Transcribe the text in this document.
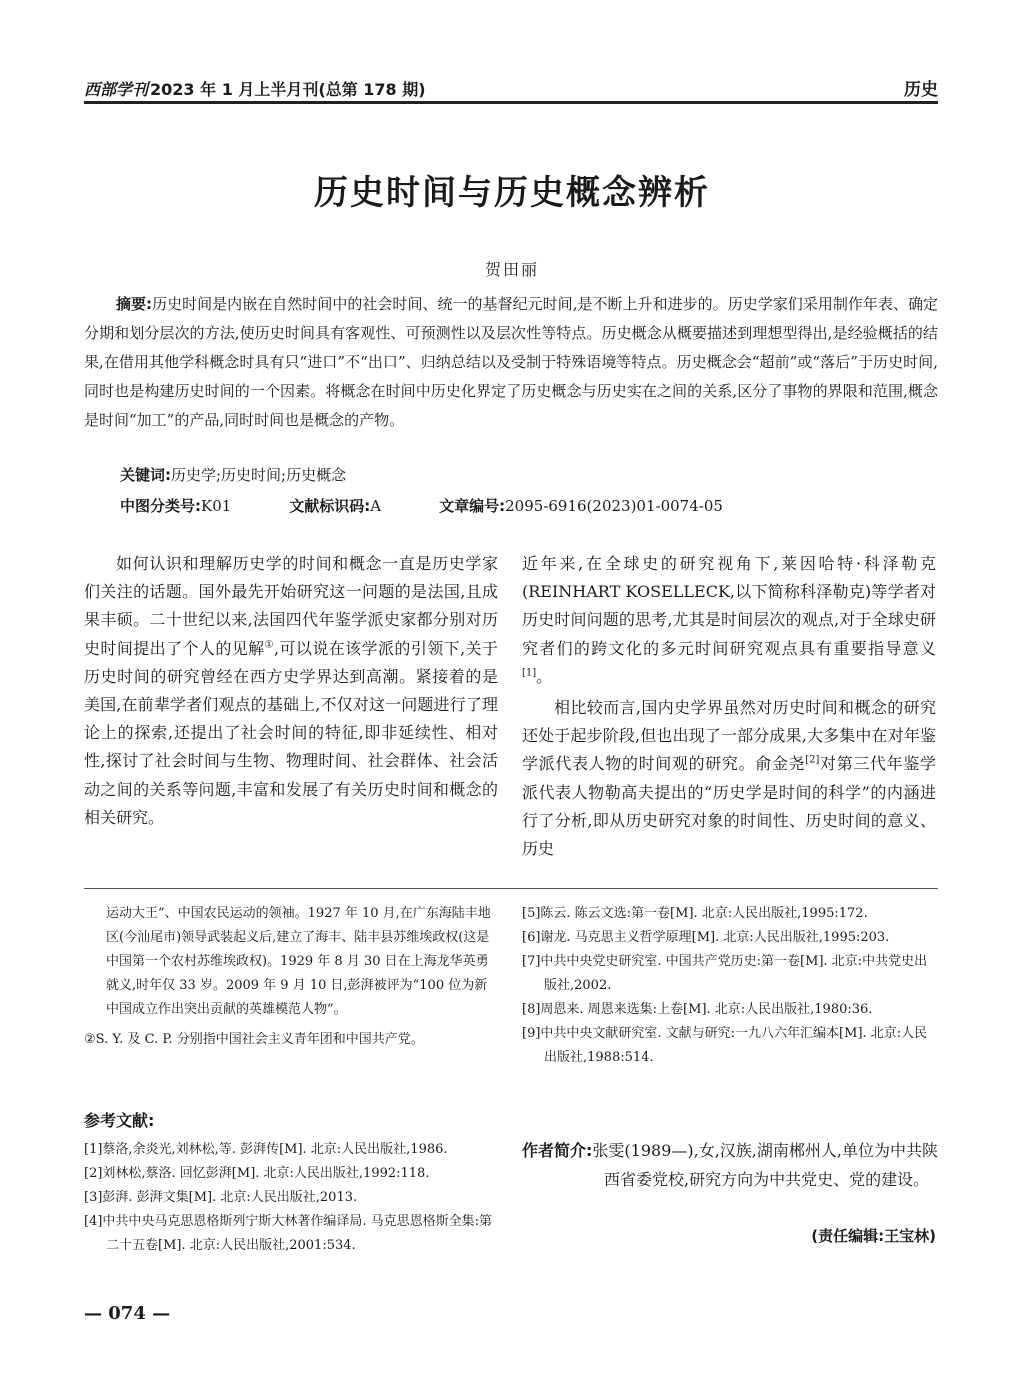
西部学刊 2023 年 1 月上半月刊(总第 178 期)	历史
历史时间与历史概念辨析
贺田丽

摘要:历史时间是内嵌在自然时间中的社会时间、统一的基督纪元时间,是不断上升和进步的。历史学家们采用制作年表、确定分期和划分层次的方法,使历史时间具有客观性、可预测性以及层次性等特点。历史概念从概要描述到理想型得出,是经验概括的结果,在借用其他学科概念时具有只“进口”不“出口”、归纳总结以及受制于特殊语境等特点。历史概念会“超前”或“落后”于历史时间,同时也是构建历史时间的一个因素。将概念在时间中历史化界定了历史概念与历史实在之间的关系,区分了事物的界限和范围,概念是时间“加工”的产品,同时时间也是概念的产物。

关键词:历史学;历史时间;历史概念
中图分类号:K01	文献标识码:A	文章编号:2095-6916(2023)01-0074-05

如何认识和理解历史学的时间和概念一直是历史学家们关注的话题。国外最先开始研究这一问题的是法国,且成果丰硕。二十世纪以来,法国四代年鉴学派史家都分别对历史时间提出了个人的见解①,可以说在该学派的引领下,关于历史时间的研究曾经在西方史学界达到高潮。紧接着的是美国,在前辈学者们观点的基础上,不仅对这一问题进行了理论上的探索,还提出了社会时间的特征,即非延续性、相对性,探讨了社会时间与生物、物理时间、社会群体、社会活动之间的关系等问题,丰富和发展了有关历史时间和概念的相关研究。

近年来,在全球史的研究视角下,莱因哈特·科泽勒克(REINHART KOSELLECK,以下简称科泽勒克)等学者对历史时间问题的思考,尤其是时间层次的观点,对于全球史研究者们的跨文化的多元时间研究观点具有重要指导意义[1]。

相比较而言,国内史学界虽然对历史时间和概念的研究还处于起步阶段,但也出现了一部分成果,大多集中在对年鉴学派代表人物的时间观的研究。俞金尧[2]对第三代年鉴学派代表人物勒高夫提出的“历史学是时间的科学”的内涵进行了分析,即从历史研究对象的时间性、历史时间的意义、历史

运动大王”、中国农民运动的领袖。1927 年 10 月,在广东海陆丰地区(今汕尾市)领导武装起义后,建立了海丰、陆丰县苏维埃政权(这是中国第一个农村苏维埃政权)。1929 年 8 月 30 日在上海龙华英勇就义,时年仅 33 岁。2009 年 9 月 10 日,彭湃被评为“100 位为新中国成立作出突出贡献的英雄模范人物”。

②S. Y. 及 C. P. 分别指中国社会主义青年团和中国共产党。

[5]陈云. 陈云文选:第一卷[M]. 北京:人民出版社,1995:172.

[6]谢龙. 马克思主义哲学原理[M]. 北京:人民出版社,1995:203.

[7]中共中央党史研究室. 中国共产党历史:第一卷[M]. 北京:中共党史出版社,2002.

[8]周恩来. 周恩来选集:上卷[M]. 北京:人民出版社,1980:36.

[9]中共中央文献研究室. 文献与研究:一九八六年汇编本[M]. 北京:人民出版社,1988:514.

参考文献:

[1]蔡洛,余炎光,刘林松,等. 彭湃传[M]. 北京:人民出版社,1986.

[2]刘林松,蔡洛. 回忆彭湃[M]. 北京:人民出版社,1992:118.

[3]彭湃. 彭湃文集[M]. 北京:人民出版社,2013.

[4]中共中央马克思恩格斯列宁斯大林著作编译局. 马克思恩格斯全集:第二十五卷[M]. 北京:人民出版社,2001:534.

作者简介:张雯(1989—),女,汉族,湖南郴州人,单位为中共陕西省委党校,研究方向为中共党史、党的建设。

(责任编辑:王宝林)
— 074 —
